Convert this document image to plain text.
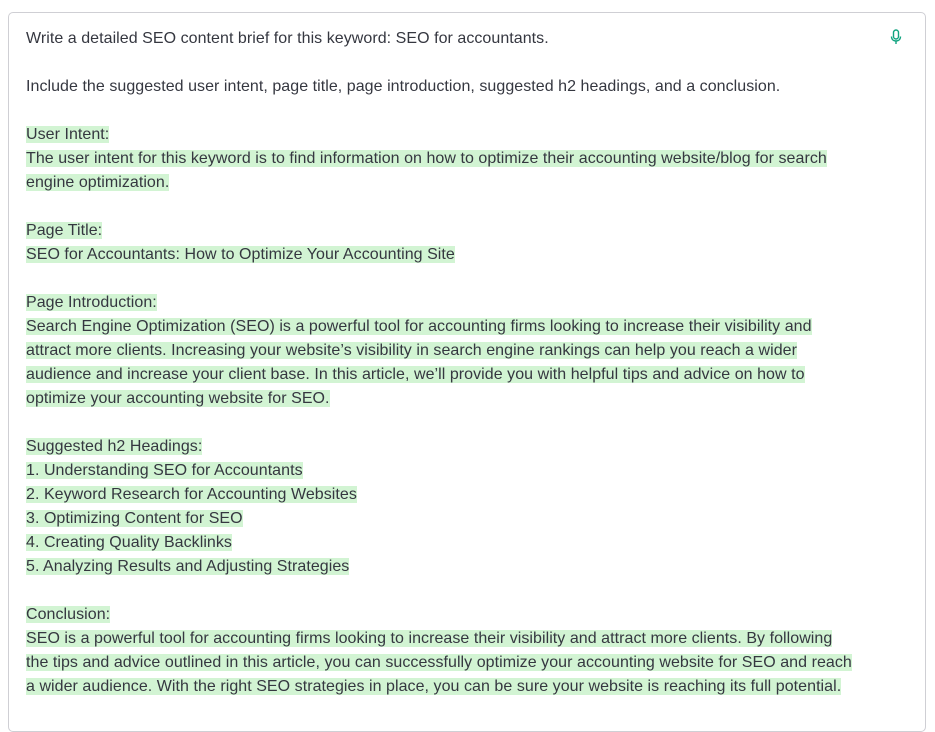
Write a detailed SEO content brief for this keyword: SEO for accountants.
Include the suggested user intent, page title, page introduction, suggested h2 headings, and a conclusion.
User Intent:
The user intent for this keyword is to find information on how to optimize their accounting website/blog for search
engine optimization.
Page Title:
SEO for Accountants: How to Optimize Your Accounting Site
Page Introduction:
Search Engine Optimization (SEO) is a powerful tool for accounting firms looking to increase their visibility and
attract more clients. Increasing your website’s visibility in search engine rankings can help you reach a wider
audience and increase your client base. In this article, we’ll provide you with helpful tips and advice on how to
optimize your accounting website for SEO.
Suggested h2 Headings:
1. Understanding SEO for Accountants
2. Keyword Research for Accounting Websites
3. Optimizing Content for SEO
4. Creating Quality Backlinks
5. Analyzing Results and Adjusting Strategies
Conclusion:
SEO is a powerful tool for accounting firms looking to increase their visibility and attract more clients. By following
the tips and advice outlined in this article, you can successfully optimize your accounting website for SEO and reach
a wider audience. With the right SEO strategies in place, you can be sure your website is reaching its full potential.
